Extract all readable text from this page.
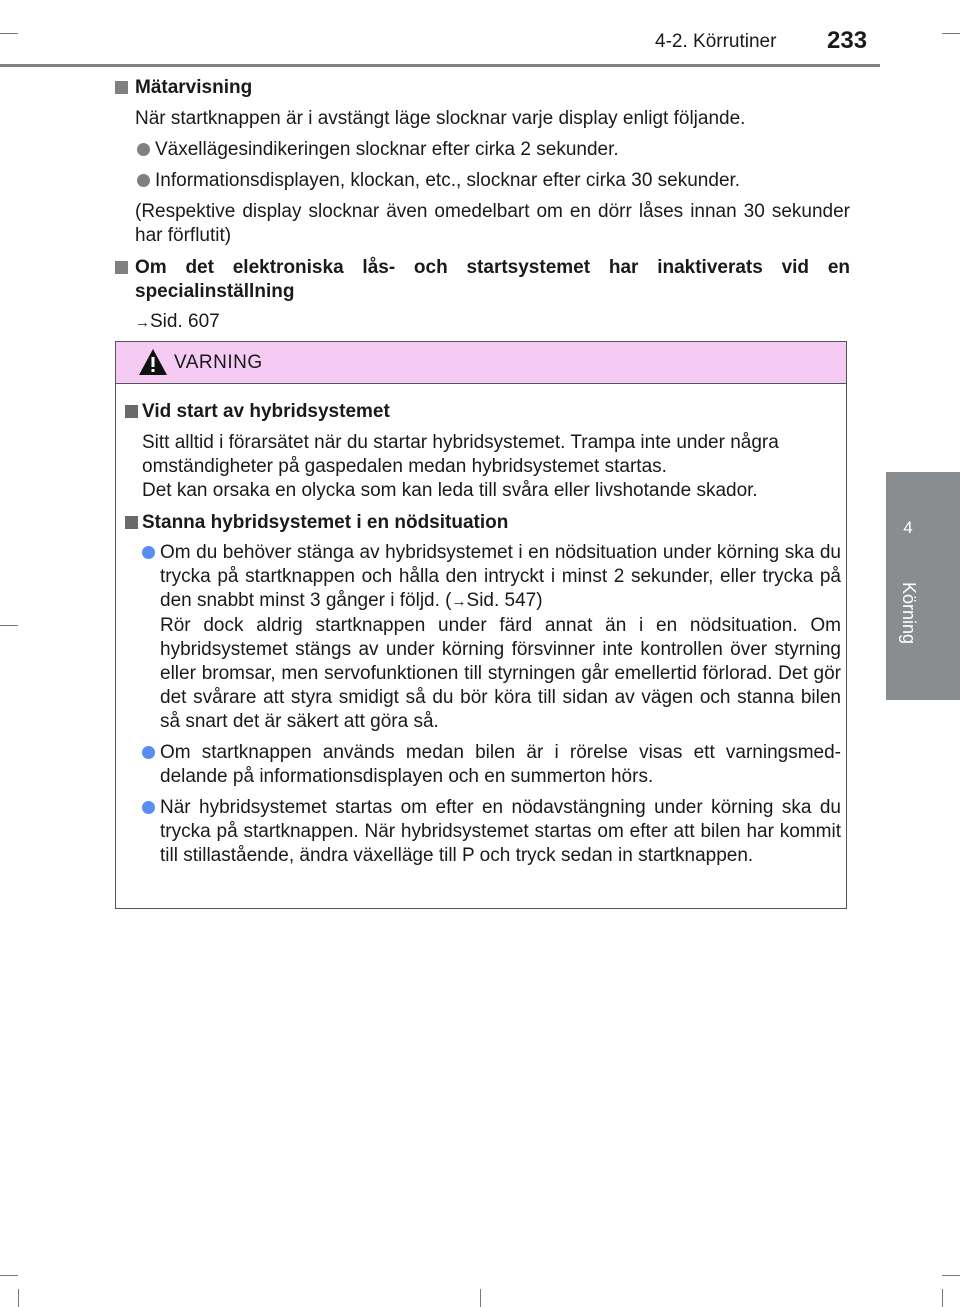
4-2. Körrutiner 233
4
Körning

Mätarvisning

När startknappen är i avstängt läge slocknar varje display enligt följande.

Växellägesindikeringen slocknar efter cirka 2 sekunder.

Informationsdisplayen, klockan, etc., slocknar efter cirka 30 sekunder.

(Respektive display slocknar även omedelbart om en dörr låses innan 30 sekunder har förflutit)

Om det elektroniska lås- och startsystemet har inaktiverats vid en specialinställning

→Sid. 607

VARNING

Vid start av hybridsystemet

Sitt alltid i förarsätet när du startar hybridsystemet. Trampa inte under några omständigheter på gaspedalen medan hybridsystemet startas.

Det kan orsaka en olycka som kan leda till svåra eller livshotande skador.

Stanna hybridsystemet i en nödsituation

Om du behöver stänga av hybridsystemet i en nödsituation under körning ska du trycka på startknappen och hålla den intryckt i minst 2 sekunder, eller trycka på den snabbt minst 3 gånger i följd. (→Sid. 547)
Rör dock aldrig startknappen under färd annat än i en nödsituation. Om hybridsystemet stängs av under körning försvinner inte kontrollen över styrning eller bromsar, men servofunktionen till styrningen går emellertid förlorad. Det gör det svårare att styra smidigt så du bör köra till sidan av vägen och stanna bilen så snart det är säkert att göra så.

Om startknappen används medan bilen är i rörelse visas ett varningsmed-delande på informationsdisplayen och en summerton hörs.

När hybridsystemet startas om efter en nödavstängning under körning ska du trycka på startknappen. När hybridsystemet startas om efter att bilen har kommit till stillastående, ändra växelläge till P och tryck sedan in startknappen.
